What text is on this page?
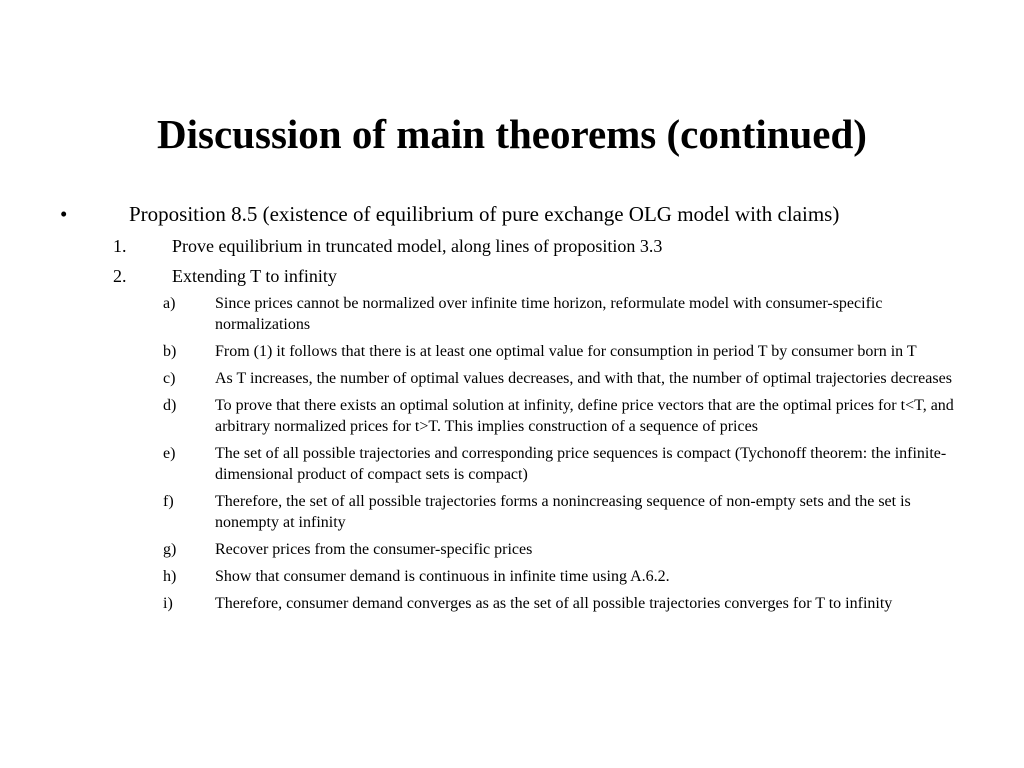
Discussion of main theorems (continued)
•	Proposition 8.5 (existence of equilibrium of pure exchange OLG model with claims)
1.	Prove equilibrium in truncated model, along lines of proposition 3.3
2.	Extending T to infinity
a) Since prices cannot be normalized over infinite time horizon, reformulate model with consumer-specific normalizations
b) From (1) it follows that there is at least one optimal value for consumption in period T by consumer born in T
c) As T increases, the number of optimal values decreases, and with that, the number of optimal trajectories decreases
d) To prove that there exists an optimal solution at infinity, define price vectors that are the optimal prices for t<T, and arbitrary normalized prices for t>T. This implies construction of a sequence of prices
e) The set of all possible trajectories and corresponding price sequences is compact (Tychonoff theorem: the infinite-dimensional product of compact sets is compact)
f)	Therefore, the set of all possible trajectories forms a nonincreasing sequence of non-empty sets and the set is nonempty at infinity
g) Recover prices from the consumer-specific prices
h) Show that consumer demand is continuous in infinite time using A.6.2.
i)	Therefore, consumer demand converges as as the set of all possible trajectories converges for T to infinity
